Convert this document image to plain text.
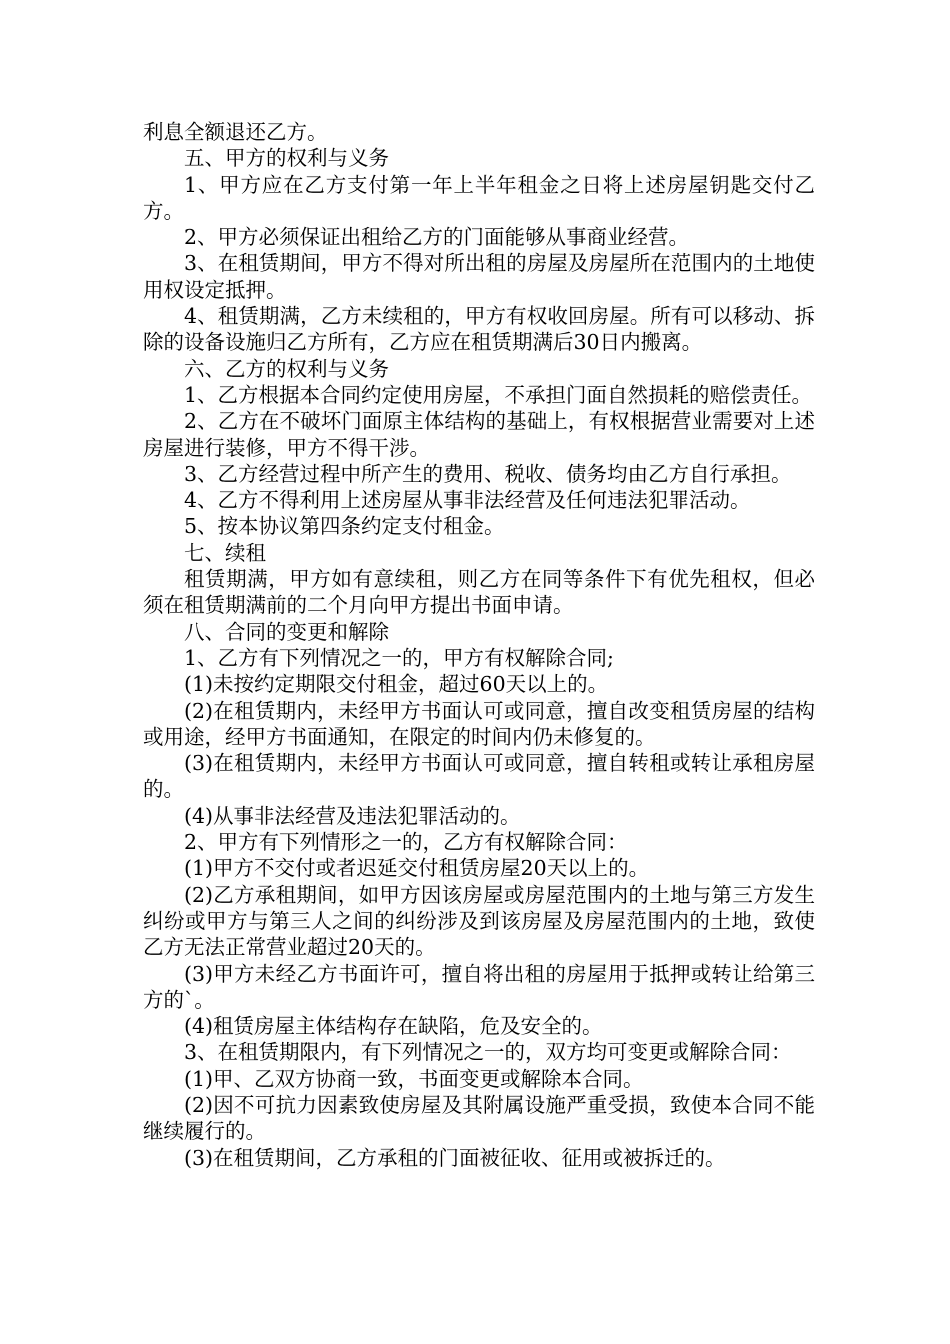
利息全额退还乙方。

五、甲方的权利与义务

1、甲方应在乙方支付第一年上半年租金之日将上述房屋钥匙交付乙方。

2、甲方必须保证出租给乙方的门面能够从事商业经营。

3、在租赁期间，甲方不得对所出租的房屋及房屋所在范围内的土地使用权设定抵押。

4、租赁期满，乙方未续租的，甲方有权收回房屋。所有可以移动、拆除的设备设施归乙方所有，乙方应在租赁期满后30日内搬离。

六、乙方的权利与义务

1、乙方根据本合同约定使用房屋，不承担门面自然损耗的赔偿责任。

2、乙方在不破坏门面原主体结构的基础上，有权根据营业需要对上述房屋进行装修，甲方不得干涉。

3、乙方经营过程中所产生的费用、税收、债务均由乙方自行承担。

4、乙方不得利用上述房屋从事非法经营及任何违法犯罪活动。

5、按本协议第四条约定支付租金。

七、续租

租赁期满，甲方如有意续租，则乙方在同等条件下有优先租权，但必须在租赁期满前的二个月向甲方提出书面申请。

八、合同的变更和解除

1、乙方有下列情况之一的，甲方有权解除合同;

(1)未按约定期限交付租金，超过60天以上的。

(2)在租赁期内，未经甲方书面认可或同意，擅自改变租赁房屋的结构或用途，经甲方书面通知，在限定的时间内仍未修复的。

(3)在租赁期内，未经甲方书面认可或同意，擅自转租或转让承租房屋的。

(4)从事非法经营及违法犯罪活动的。

2、甲方有下列情形之一的，乙方有权解除合同：

(1)甲方不交付或者迟延交付租赁房屋20天以上的。

(2)乙方承租期间，如甲方因该房屋或房屋范围内的土地与第三方发生纠纷或甲方与第三人之间的纠纷涉及到该房屋及房屋范围内的土地，致使乙方无法正常营业超过20天的。

(3)甲方未经乙方书面许可，擅自将出租的房屋用于抵押或转让给第三方的`。

(4)租赁房屋主体结构存在缺陷，危及安全的。

3、在租赁期限内，有下列情况之一的，双方均可变更或解除合同：

(1)甲、乙双方协商一致，书面变更或解除本合同。

(2)因不可抗力因素致使房屋及其附属设施严重受损，致使本合同不能继续履行的。

(3)在租赁期间，乙方承租的门面被征收、征用或被拆迁的。
